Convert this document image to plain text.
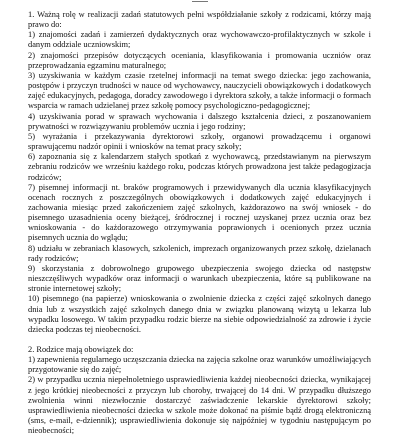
1. Ważną rolę w realizacji zadań statutowych pełni współdziałanie szkoły z rodzicami, którzy mają prawo do:

1) znajomości zadań i zamierzeń dydaktycznych oraz wychowawczo-profilaktycznych w szkole i danym oddziale uczniowskim;

2) znajomości przepisów dotyczących oceniania, klasyfikowania i promowania uczniów oraz przeprowadzania egzaminu maturalnego;

3) uzyskiwania w każdym czasie rzetelnej informacji na temat swego dziecka: jego zachowania, postępów i przyczyn trudności w nauce od wychowawcy, nauczycieli obowiązkowych i dodatkowych zajęć edukacyjnych, pedagoga, doradcy zawodowego i dyrektora szkoły, a także informacji o formach wsparcia w ramach udzielanej przez szkołę pomocy psychologiczno-pedagogicznej;

4) uzyskiwania porad w sprawach wychowania i dalszego kształcenia dzieci, z poszanowaniem prywatności w rozwiązywaniu problemów ucznia i jego rodziny;

5) wyrażania i przekazywania dyrektorowi szkoły, organowi prowadzącemu i organowi sprawującemu nadzór opinii i wniosków na temat pracy szkoły;

6) zapoznania się z kalendarzem stałych spotkań z wychowawcą, przedstawianym na pierwszym zebraniu rodziców we wrześniu każdego roku, podczas których prowadzona jest także pedagogizacja rodziców;

7) pisemnej informacji nt. braków programowych i przewidywanych dla ucznia klasyfikacyjnych ocenach rocznych z poszczególnych obowiązkowych i dodatkowych zajęć edukacyjnych i zachowania miesiąc przed zakończeniem zajęć szkolnych, każdorazowo na swój wniosek - do pisemnego uzasadnienia oceny bieżącej, śródrocznej i rocznej uzyskanej przez ucznia oraz bez wnioskowania - do każdorazowego otrzymywania poprawionych i ocenionych przez ucznia pisemnych ucznia do wglądu;

8) udziału w zebraniach klasowych, szkolenich, imprezach organizowanych przez szkołę, dzielanach rady rodziców;

9) skorzystania z dobrowolnego grupowego ubezpieczenia swojego dziecka od następstw nieszczęśliwych wypadków oraz informacji o warunkach ubezpieczenia, które są publikowane na stronie internetowej szkoły;

10) pisemnego (na papierze) wnioskowania o zwolnienie dziecka z części zajęć szkolnych danego dnia lub z wszystkich zajęć szkolnych danego dnia w związku planowaną wizytą u lekarza lub wypadku losowego. W takim przypadku rodzic bierze na siebie odpowiedzialność za zdrowie i życie dziecka podczas tej nieobecności.

2. Rodzice mają obowiązek do:

1) zapewnienia regularnego uczęszczania dziecka na zajęcia szkolne oraz warunków umożliwiających przygotowanie się do zajęć;

2) w przypadku ucznia niepełnoletniego usprawiedliwienia każdej nieobecności dziecka, wynikającej z jego krótkiej nieobecności z przyczyn lub choroby, trwającej do 14 dni. W przypadku dłuższego zwolnienia winni niezwłocznie dostarczyć zaświadczenie lekarskie dyrektorowi szkoły; usprawiedliwienia nieobecności dziecka w szkole może dokonać na piśmie bądź drogą elektroniczną (sms, e-mail, e-dziennik); usprawiedliwienia dokonuje się najpóźniej w tygodniu następującym po nieobecności;
